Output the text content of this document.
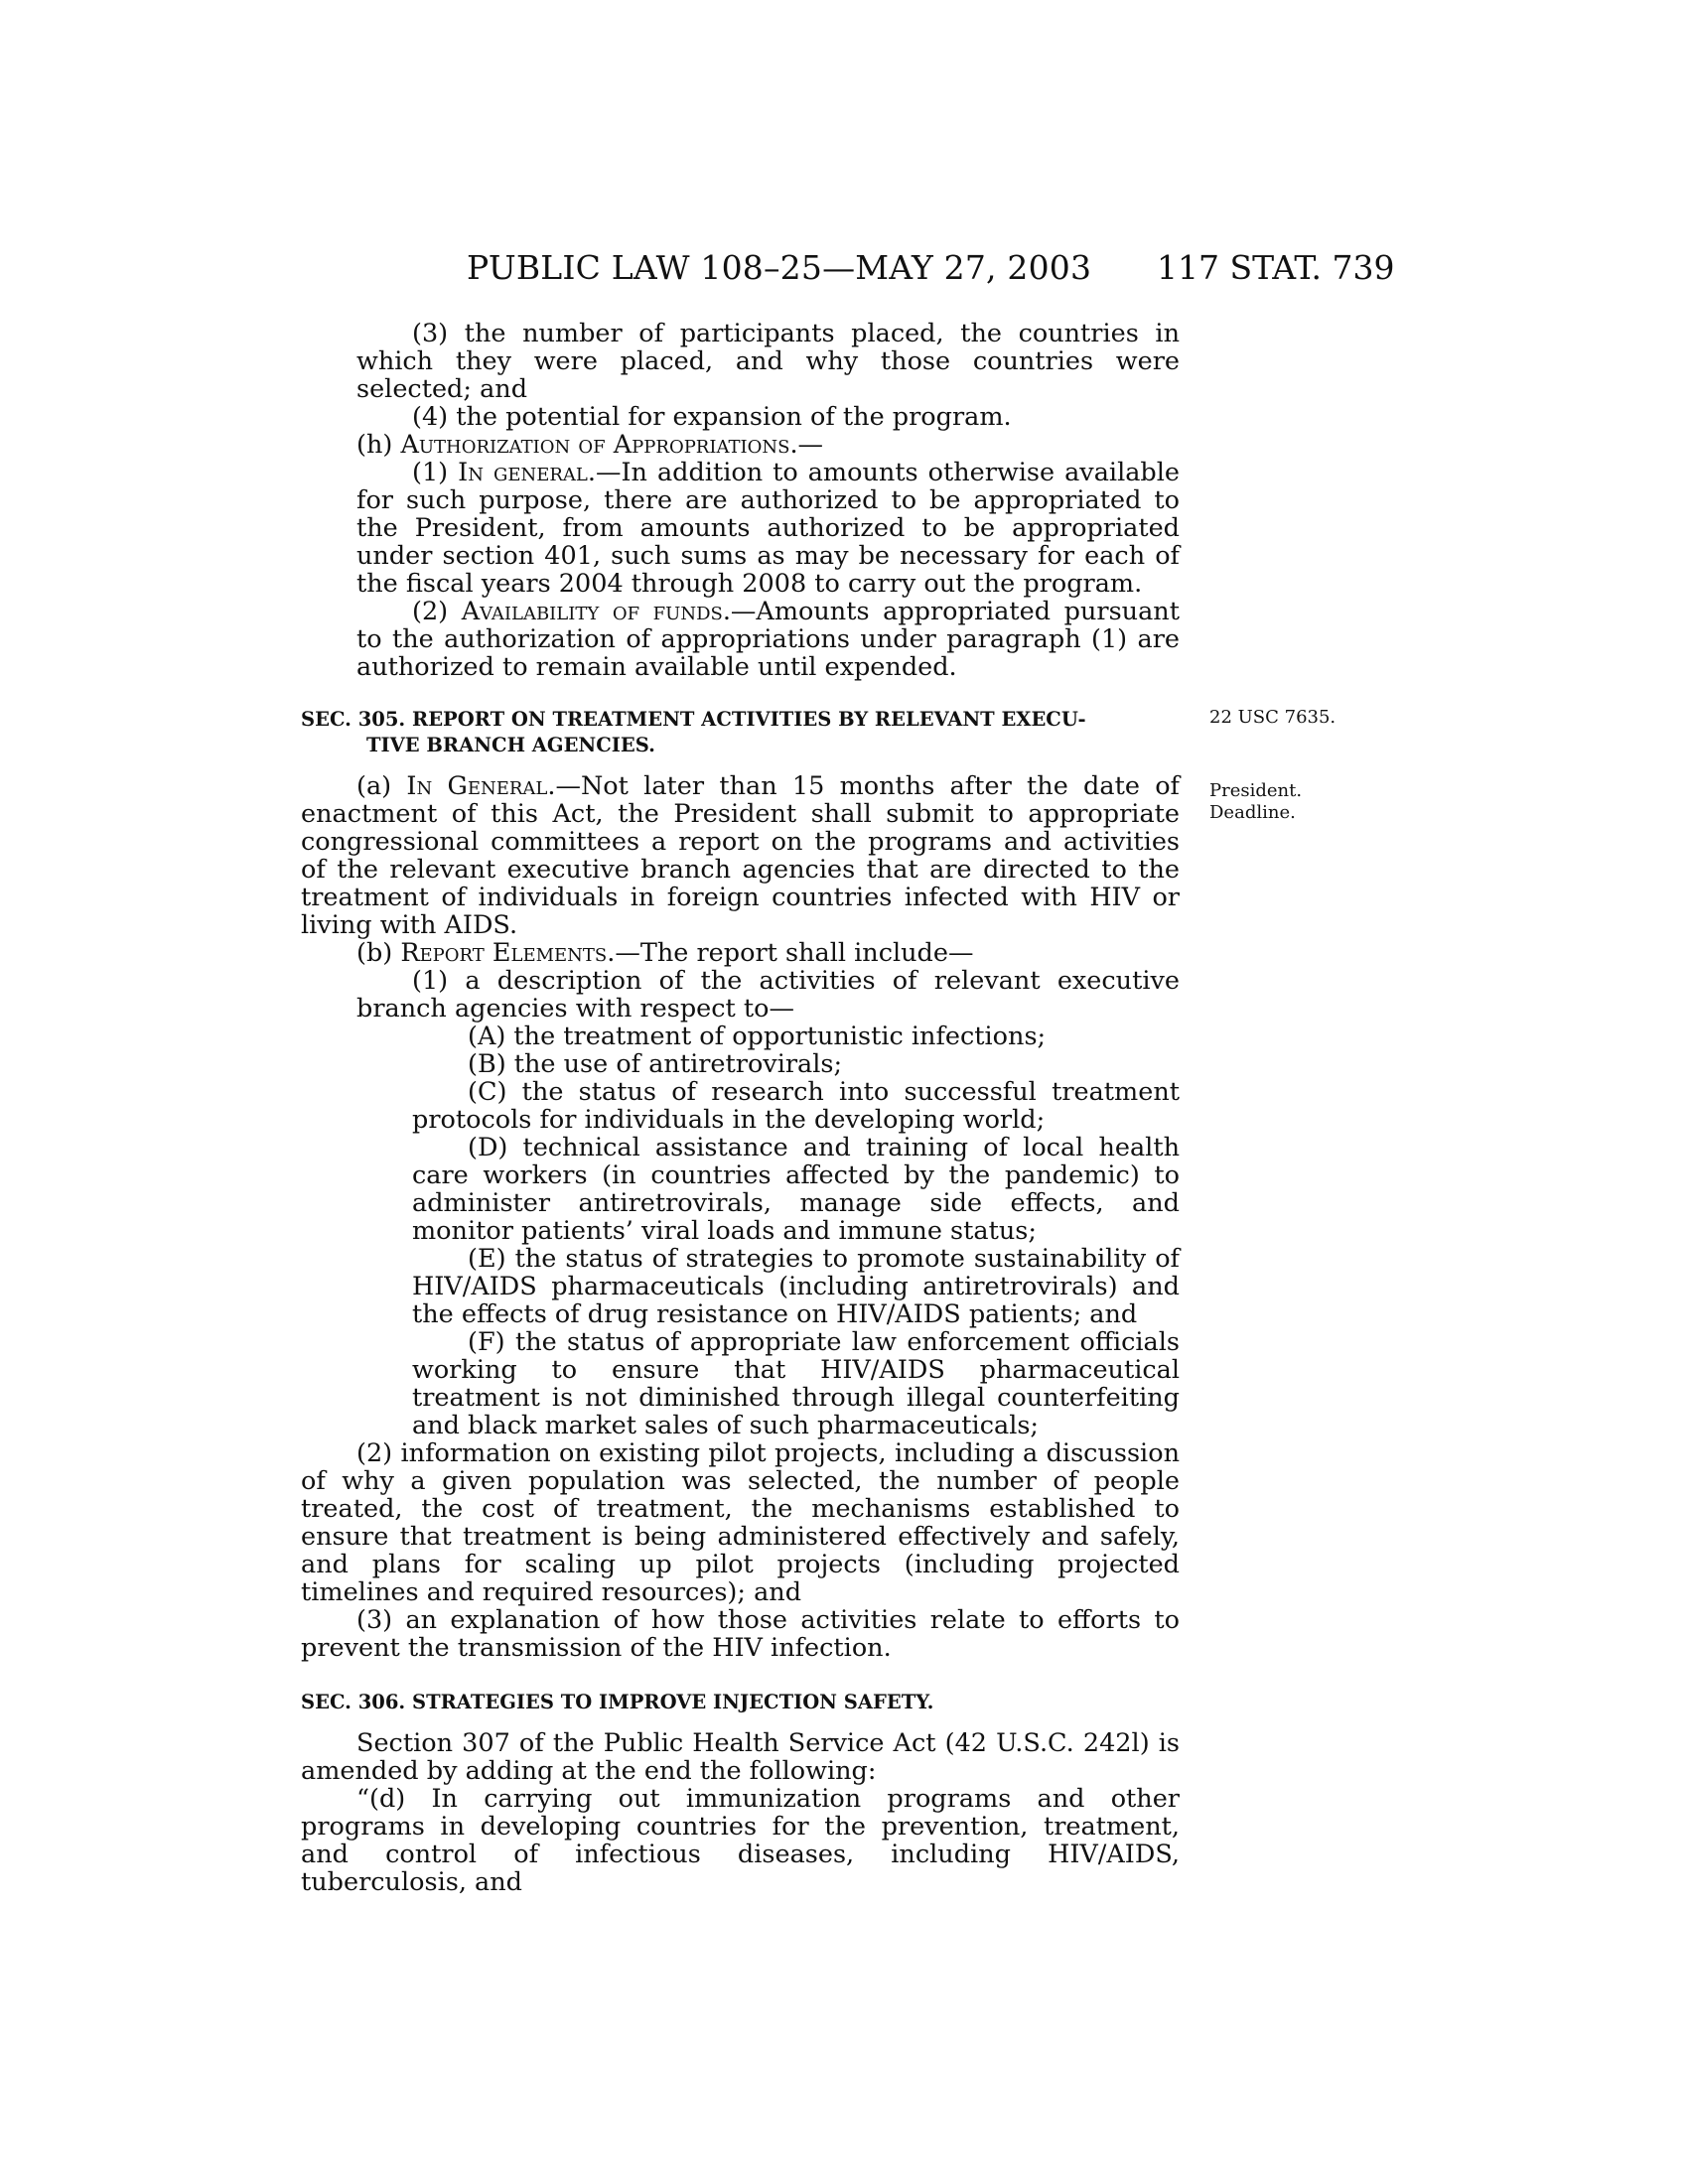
PUBLIC LAW 108–25—MAY 27, 2003 117 STAT. 739

(3) the number of participants placed, the countries in which they were placed, and why those countries were selected; and

(4) the potential for expansion of the program.

(h) Authorization of Appropriations.—

(1) In general.—In addition to amounts otherwise available for such purpose, there are authorized to be appropriated to the President, from amounts authorized to be appropriated under section 401, such sums as may be necessary for each of the fiscal years 2004 through 2008 to carry out the program.

(2) Availability of funds.—Amounts appropriated pursuant to the authorization of appropriations under paragraph (1) are authorized to remain available until expended.

SEC. 305. REPORT ON TREATMENT ACTIVITIES BY RELEVANT EXECU-
TIVE BRANCH AGENCIES.
22 USC 7635.

(a) In General.—Not later than 15 months after the date of enactment of this Act, the President shall submit to appropriate congressional committees a report on the programs and activities of the relevant executive branch agencies that are directed to the treatment of individuals in foreign countries infected with HIV or living with AIDS.

President.
Deadline.

(b) Report Elements.—The report shall include—

(1) a description of the activities of relevant executive branch agencies with respect to—

(A) the treatment of opportunistic infections;

(B) the use of antiretrovirals;

(C) the status of research into successful treatment protocols for individuals in the developing world;

(D) technical assistance and training of local health care workers (in countries affected by the pandemic) to administer antiretrovirals, manage side effects, and monitor patients’ viral loads and immune status;

(E) the status of strategies to promote sustainability of HIV/AIDS pharmaceuticals (including antiretrovirals) and the effects of drug resistance on HIV/AIDS patients; and

(F) the status of appropriate law enforcement officials working to ensure that HIV/AIDS pharmaceutical treatment is not diminished through illegal counterfeiting and black market sales of such pharmaceuticals;

(2) information on existing pilot projects, including a discussion of why a given population was selected, the number of people treated, the cost of treatment, the mechanisms established to ensure that treatment is being administered effectively and safely, and plans for scaling up pilot projects (including projected timelines and required resources); and

(3) an explanation of how those activities relate to efforts to prevent the transmission of the HIV infection.

SEC. 306. STRATEGIES TO IMPROVE INJECTION SAFETY.

Section 307 of the Public Health Service Act (42 U.S.C. 242l) is amended by adding at the end the following:

“(d) In carrying out immunization programs and other programs in developing countries for the prevention, treatment, and control of infectious diseases, including HIV/AIDS, tuberculosis, and
